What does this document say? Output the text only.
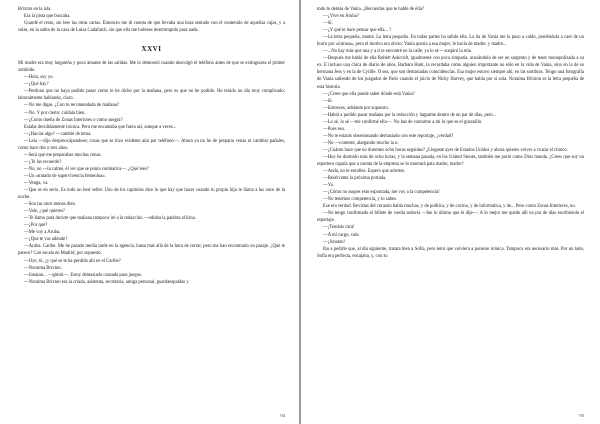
Brixton en la isla.

Era la pista que buscaba.

Guardé el resto, sin leer las otras cartas. Entonces me di cuenta de que llevaba una hora sentado con el contenido de aquellas cajas, y a solas, en la salita de la casa de Luisa Cadafalch, sin que ella me hubiese interrumpido para nada.

XXVI

Mi madre era muy hogareña y poco amante de las salidas. Me lo demostró cuando descolgó el teléfono antes de que se extinguiera el primer zumbido.

—Hola, soy yo.

—¿Qué hay?

—Perdona que no haya podido pasar como te he dicho por la mañana, pero es que no he podido. He tenido un día muy complicado; laboralmente hablando, claro.

—No me digas. ¿Con tu recomendada de mañana?

—No. Y por cierto: cuídala bien.

—¿Como dueña de Zonas Interiores o como suegra?

Estaba decididamente irónica. Pero me encantaba que fuera así, aunque a veces...

—¿Hacías algo? —cambié de tema.

—Leía —dijo despreocúpandose; cosas que se hizo evidente aún por teléfono—. Ahora ya no he de preparar cenas ni cambiar pañales, como hace dos o tres años.

—Será que me preparabas muchas cenas.

—¿Te las recuerdo?

—No, no —la calmé, él ver que se ponía combativa—. ¿Qué lees?

—Un «tratado de supervivencia femenina».

—Venga, va.

—Que es en serio. Es todo un best seller. Uno de los capítulos dice lo que hay que hacer cuando tu propio hijo te llama a las once de la noche.

—Son las once menos diez.

—Vale, ¿qué quieres?

—Te llamo para decirte que mañana tampoco iré a la redacción —odiaba la palabra oficina.

—¿Por qué?

—Me voy a Aruba.

—¿Que te vas adónde?

—Aruba. Caribe. Me he pasado media tarde en la agencia, hasta más allá de la hora de cerrar, pero me han encontrado un pasaje. ¿Qué te parece? Con escala en Madrid, por supuesto.

—Oye, tú, ¿y qué se te ha perdido ahí en el Caribe?

—Noraima Brixton.

—Jonatan... —gimió—. Estoy demasiado cansada para juegos.

—Noraima Brixton era la criada, asistenta, secretaria, amiga personal, guardaespaldas y

94

todo lo demás de Vania. ¿Recuerdas que te hablé de ella?

—¿Vive en Aruba?

—Sí.

—¿Y qué te hace pensar que ella... ?

—La letra pequeña, mamá. La letra pequeña. En todas partes ha salido ella. La tía de Vania me la puso a caldo, poniéndola a caer de un burro por «intrusa», pero el motivo era obvio: Vania quería a esa mujer; le hacía de madre, y madre...

—...No hay más que una y a ti te encontré en la calle, ya lo sé —suspiró la mía

—Después me habló de ella Robert Ashcroft, igualmente con poca simpatía, acusándola de ser un sargento y de tener monopolizada a su ex. E incluso una chica de diario de años, Barbara Hunt, la recordaba como alguien importante no sólo en la vida de Vania, sino en la de su hermana Jess y en la de Cyrille. O sea, que son demasiadas coincidencias. Esa mujer estuvo siempre ahí, en las sombras. Tengo una fotografía de Vania saliendo de los juzgados de París cuando el juicio de Nicky Harvey, que habla por sí sola. Noraima Brixton es la letra pequeña de esta historia.

—¿Crees que ella puede saber dónde está Vania?

—Sí.

—Entonces, adelante por supuesto.

—Habrá a podido pasar mañana por la redacción y largarme dentro de un par de días, pero...

—Lo sé, lo sé —me confirmé ella—. No has de contarme a mí lo que es el gusanillo.

—Pues eso.

—No te estarás obsesionando demasiado con este reportaje, ¿verdad?

—No —contesté, alargando mucho la o.

—¿Cuánto hace que no duermes ocho horas seguidas? ¿Llegaste ayer de Estados Unidos y ahora quieres volver a cruzar el charco.

—Hoy he dormido más de ocho horas, y la semana pasada, en los United Stones, también me porté como Dios manda. ¿Crees que soy un reportero capula que a cuenta de la empresa se lo montará pata madre, madre?

—Anda, no te enrolles. Espero que aciertes.

—Resérvame la próxima portada.

—Ya.

—¿Cómo no suspes esto espontada, me voy a la competencia!

—No tenemos competencia, y lo sabes.

Ese era verdad. Revistas del corazón había muchas, y de política, y de cocina, y de informática, y de... Pero como Zonas Interiores, no.

—No tengo confirmado el billete de vuelta todavía —fue lo último que le dije—. A lo mejor me quedo allí un par de días escribiendo el reportaje.

—¡Tendrás cara!

—A mi cargo, vale.

—¡Jonatan!

Iba a pedirle que, al día siguiente, tratara bien a Sofía, pero temí que volviera a ponerse irónica. Tampoco era necesario más. Por un lado, Sofía era perfecta, encajaba, y, con su

95
